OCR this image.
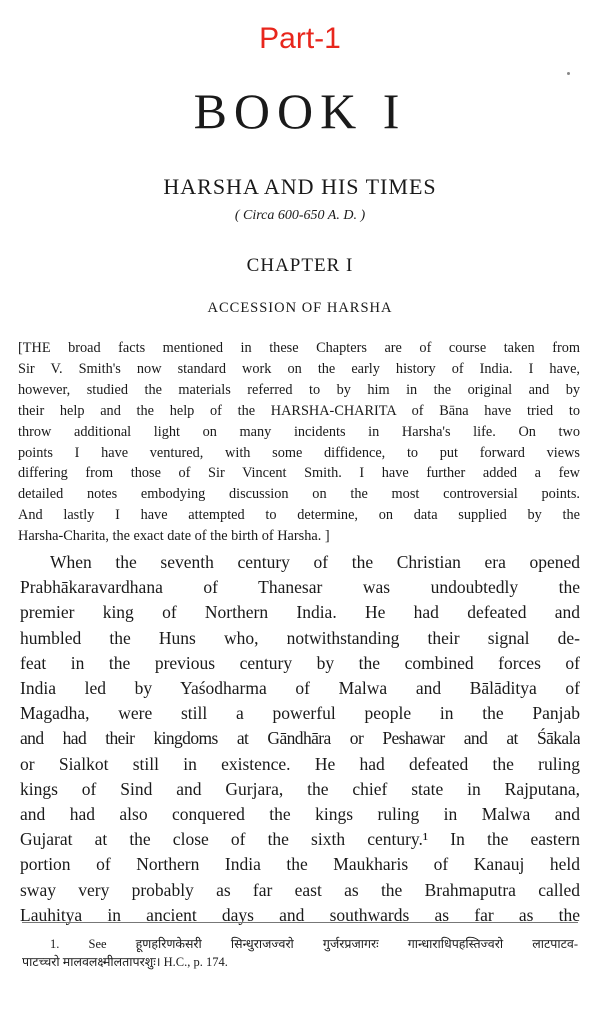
Part-1
BOOK I
HARSHA AND HIS TIMES
( Circa 600-650 A. D. )
CHAPTER I
ACCESSION OF HARSHA
[THE broad facts mentioned in these Chapters are of course taken from
Sir V. Smith's now standard work on the early history of India. I have,
however, studied the materials referred to by him in the original and by
their help and the help of the HARSHA-CHARITA of Bāna have tried to
throw additional light on many incidents in Harsha's life. On two
points I have ventured, with some diffidence, to put forward views
differing from those of Sir Vincent Smith. I have further added a few
detailed notes embodying discussion on the most controversial points.
And lastly I have attempted to determine, on data supplied by the
Harsha-Charita, the exact date of the birth of Harsha. ]
When the seventh century of the Christian era opened
Prabhākaravardhana of Thanesar was undoubtedly the
premier king of Northern India. He had defeated and
humbled the Huns who, notwithstanding their signal de-
feat in the previous century by the combined forces of
India led by Yaśodharma of Malwa and Bālāditya of
Magadha, were still a powerful people in the Panjab
and had their kingdoms at Gāndhāra or Peshawar and at Śākala
or Sialkot still in existence. He had defeated the ruling
kings of Sind and Gurjara, the chief state in Rajputana,
and had also conquered the kings ruling in Malwa and
Gujarat at the close of the sixth century.¹ In the eastern
portion of Northern India the Maukharis of Kanauj held
sway very probably as far east as the Brahmaputra called
Lauhitya in ancient days and southwards as far as the
1. See हूणहरिणकेसरी सिन्धुराजज्वरो गुर्जरप्रजागरः गान्धाराधिपहस्तिज्वरो लाटपाटव-
पाटच्चरो मालवलक्ष्मीलतापरशुः। H.C., p. 174.
